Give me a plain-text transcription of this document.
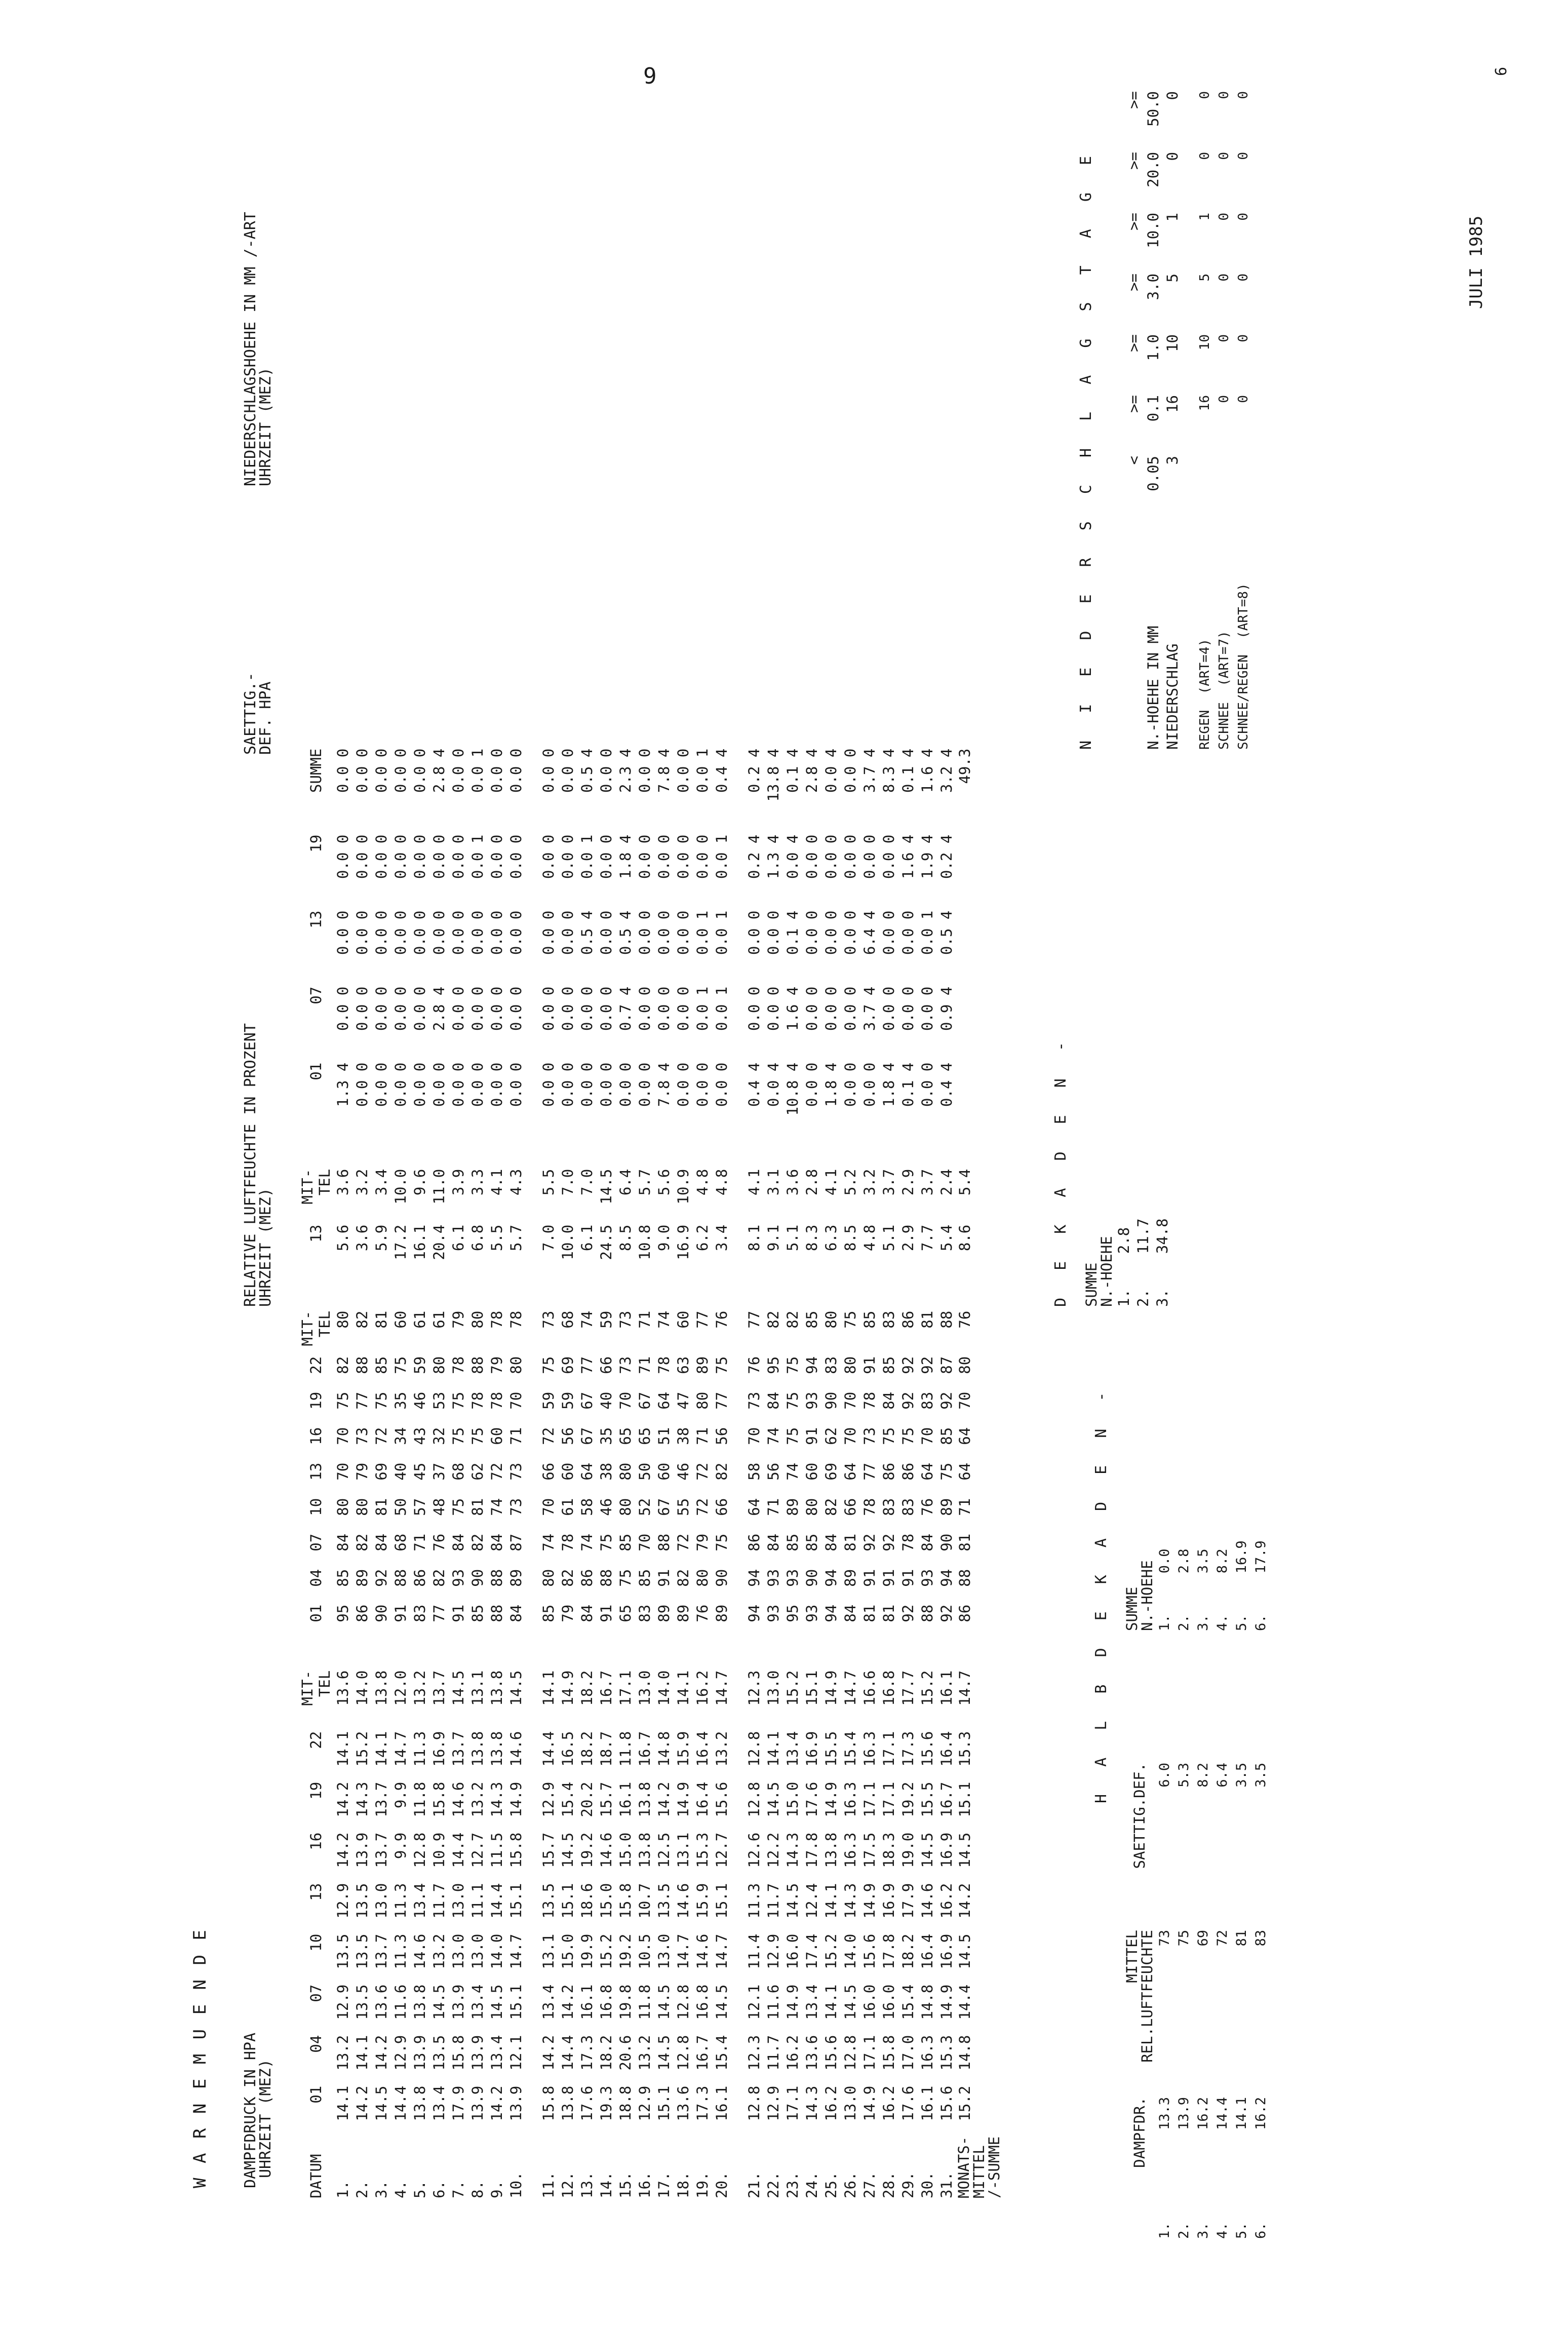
9
W A R N E M U E N D E
JULI 1985
6
DAMPFDRUCK IN HPA
UHRZEIT (MEZ)
RELATIVE LUFTFEUCHTE IN PROZENT
UHRZEIT (MEZ)
SAETTIG.-
DEF. HPA
NIEDERSCHLAGSHOEHE IN MM /-ART
UHRZEIT (MEZ)
DATUM	01	04	07	10	13	16	19	22	MIT-
TEL		01	04	07	10	13	16	19	22	MIT-
TEL		13	MIT-
TEL		01	07	13	19	SUMME
1.	14.1	13.2	12.9	13.5	12.9	14.2	14.2	14.1	13.6		95	85	84	80	70	70	75	82	80		5.6	3.6		1.3 4	0.0 0	0.0 0	0.0 0	0.0 0
2.	14.2	14.1	13.5	13.5	13.5	13.9	14.3	15.2	14.0		86	89	82	80	79	73	77	88	82		3.6	3.2		0.0 0	0.0 0	0.0 0	0.0 0	0.0 0
3.	14.5	14.2	13.6	13.7	13.0	13.7	13.7	14.1	13.8		90	92	84	81	69	72	75	85	81		5.9	3.4		0.0 0	0.0 0	0.0 0	0.0 0	0.0 0
4.	14.4	12.9	11.6	11.3	11.3	9.9	9.9	14.7	12.0		91	88	68	50	40	34	35	75	60		17.2	10.0		0.0 0	0.0 0	0.0 0	0.0 0	0.0 0
5.	13.8	13.9	13.8	14.6	13.4	12.8	11.8	11.3	13.2		83	86	71	57	45	43	46	59	61		16.1	9.6		0.0 0	0.0 0	0.0 0	0.0 0	0.0 0
6.	13.4	13.5	14.5	13.2	11.7	10.9	15.8	16.9	13.7		77	82	76	48	37	32	53	80	61		20.4	11.0		0.0 0	2.8 4	0.0 0	0.0 0	2.8 4
7.	17.9	15.8	13.9	13.0	13.0	14.4	14.6	13.7	14.5		91	93	84	75	68	75	75	78	79		6.1	3.9		0.0 0	0.0 0	0.0 0	0.0 0	0.0 0
8.	13.9	13.9	13.4	13.0	11.1	12.7	13.2	13.8	13.1		85	90	82	81	62	75	78	88	80		6.8	3.3		0.0 0	0.0 0	0.0 0	0.0 1	0.0 1
9.	14.2	13.4	14.5	14.0	14.4	11.5	14.3	13.8	13.8		88	88	84	74	72	60	78	79	78		5.5	4.1		0.0 0	0.0 0	0.0 0	0.0 0	0.0 0
10.	13.9	12.1	15.1	14.7	15.1	15.8	14.9	14.6	14.5		84	89	87	73	73	71	70	80	78		5.7	4.3		0.0 0	0.0 0	0.0 0	0.0 0	0.0 0

11.	15.8	14.2	13.4	13.1	13.5	15.7	12.9	14.4	14.1		85	80	74	70	66	72	59	75	73		7.0	5.5		0.0 0	0.0 0	0.0 0	0.0 0	0.0 0
12.	13.8	14.4	14.2	15.0	15.1	14.5	15.4	16.5	14.9		79	82	78	61	60	56	59	69	68		10.0	7.0		0.0 0	0.0 0	0.0 0	0.0 0	0.0 0
13.	17.6	17.3	16.1	19.9	18.6	19.2	20.2	18.2	18.2		84	86	74	58	64	67	67	77	74		6.1	7.0		0.0 0	0.0 0	0.5 4	0.0 1	0.5 4
14.	19.3	18.2	16.8	15.2	15.0	14.6	15.7	18.7	16.7		91	88	75	46	38	35	40	66	59		24.5	14.5		0.0 0	0.0 0	0.0 0	0.0 0	0.0 0
15.	18.8	20.6	19.8	19.2	15.8	15.0	16.1	11.8	17.1		65	75	85	80	80	65	70	73	73		8.5	6.4		0.0 0	0.7 4	0.5 4	1.8 4	2.3 4
16.	12.9	13.2	11.8	10.5	10.7	13.8	13.8	16.7	13.0		83	85	70	52	50	65	67	71	71		10.8	5.7		0.0 0	0.0 0	0.0 0	0.0 0	0.0 0
17.	15.1	14.5	14.5	13.0	13.5	12.5	14.2	14.8	14.0		89	91	88	67	60	51	64	78	74		9.0	5.6		7.8 4	0.0 0	0.0 0	0.0 0	7.8 4
18.	13.6	12.8	12.8	14.7	14.6	13.1	14.9	15.9	14.1		89	82	72	55	46	38	47	63	60		16.9	10.9		0.0 0	0.0 0	0.0 0	0.0 0	0.0 0
19.	17.3	16.7	16.8	14.6	15.9	15.3	16.4	16.4	16.2		76	80	79	72	72	71	80	89	77		6.2	4.8		0.0 0	0.0 1	0.0 1	0.0 0	0.0 1
20.	16.1	15.4	14.5	14.7	15.1	12.7	15.6	13.2	14.7		89	90	75	66	82	56	77	75	76		3.4	4.8		0.0 0	0.0 1	0.0 1	0.0 1	0.4 4

21.	12.8	12.3	12.1	11.4	11.3	12.6	12.8	12.8	12.3		94	94	86	64	58	70	73	76	77		8.1	4.1		0.4 4	0.0 0	0.0 0	0.2 4	0.2 4
22.	12.9	11.7	11.6	12.9	11.7	12.2	14.5	14.1	13.0		93	93	84	71	56	74	84	95	82		9.1	3.1		0.0 4	0.0 0	0.0 0	1.3 4	13.8 4
23.	17.1	16.2	14.9	16.0	14.5	14.3	15.0	13.4	15.2		95	93	85	89	74	75	75	75	82		5.1	3.6		10.8 4	1.6 4	0.1 4	0.0 4	0.1 4
24.	14.3	13.6	13.4	17.4	12.4	17.8	17.6	16.9	15.1		93	90	85	80	60	91	93	94	85		8.3	2.8		0.0 0	0.0 0	0.0 0	0.0 0	2.8 4
25.	16.2	15.6	14.1	15.2	14.1	13.8	14.9	15.5	14.9		94	94	84	82	69	62	90	83	80		6.3	4.1		1.8 4	0.0 0	0.0 0	0.0 0	0.0 4
26.	13.0	12.8	14.5	14.0	14.3	16.3	16.3	15.4	14.7		84	89	81	66	64	70	70	80	75		8.5	5.2		0.0 0	0.0 0	0.0 0	0.0 0	0.0 0
27.	14.9	17.1	16.0	15.6	14.9	17.5	17.1	16.3	16.6		81	91	92	78	77	73	78	91	85		4.8	3.2		0.0 0	3.7 4	6.4 4	0.0 0	3.7 4
28.	16.2	15.8	16.0	17.8	16.9	18.3	17.1	17.1	16.8		81	91	92	83	86	75	84	85	83		5.1	3.7		1.8 4	0.0 0	0.0 0	0.0 0	8.3 4
29.	17.6	17.0	15.4	18.2	17.9	19.0	19.2	17.3	17.7		92	91	78	83	86	75	92	92	86		2.9	2.9		0.1 4	0.0 0	0.0 0	1.6 4	0.1 4
30.	16.1	16.3	14.8	16.4	14.6	14.5	15.5	15.6	15.2		88	93	84	76	64	70	83	92	81		7.7	3.7		0.0 0	0.0 0	0.0 1	1.9 4	1.6 4
31.	15.6	15.3	14.9	16.9	16.2	16.9	16.7	16.4	16.1		92	94	90	89	75	85	92	87	88		5.4	2.4		0.4 4	0.9 4	0.5 4	0.2 4	3.2 4
MONATS-
MITTEL
/-SUMME	15.2	14.8	14.4	14.5	14.2	14.5	15.1	15.3	14.7		86	88	81	71	64	64	70	80	76		8.6	5.4						49.3
H A L B D E K A D E N -
	DAMPFDR.	MITTEL
REL.LUFTFEUCHTE	SAETTIG.DEF.	SUMME
N.-HOEHE
1.	13.3	73	6.0	1.     0.0
2.	13.9	75	5.3	2.     2.8
3.	16.2	69	8.2	3.     3.5
4.	14.4	72	6.4	4.     8.2
5.	14.1	81	3.5	5.     16.9
6.	16.2	83	3.5	6.     17.9
D E K A D E N - SUMME
N.-HOEHE
1.    2.8
2.    11.7
3.    34.8
N I E D E R S C H L A G S T A G E
	<	>=	>=	>=	>=	>=	>=
N.-HOEHE IN MM	0.05	0.1	1.0	3.0	10.0	20.0	50.0
NIEDERSCHLAG	3	16	10	5	1	0	0

REGEN  (ART=4)		16	10	5	1	0	0
SCHNEE  (ART=7)		0	0	0	0	0	0
SCHNEE/REGEN  (ART=8)		0	0	0	0	0	0
